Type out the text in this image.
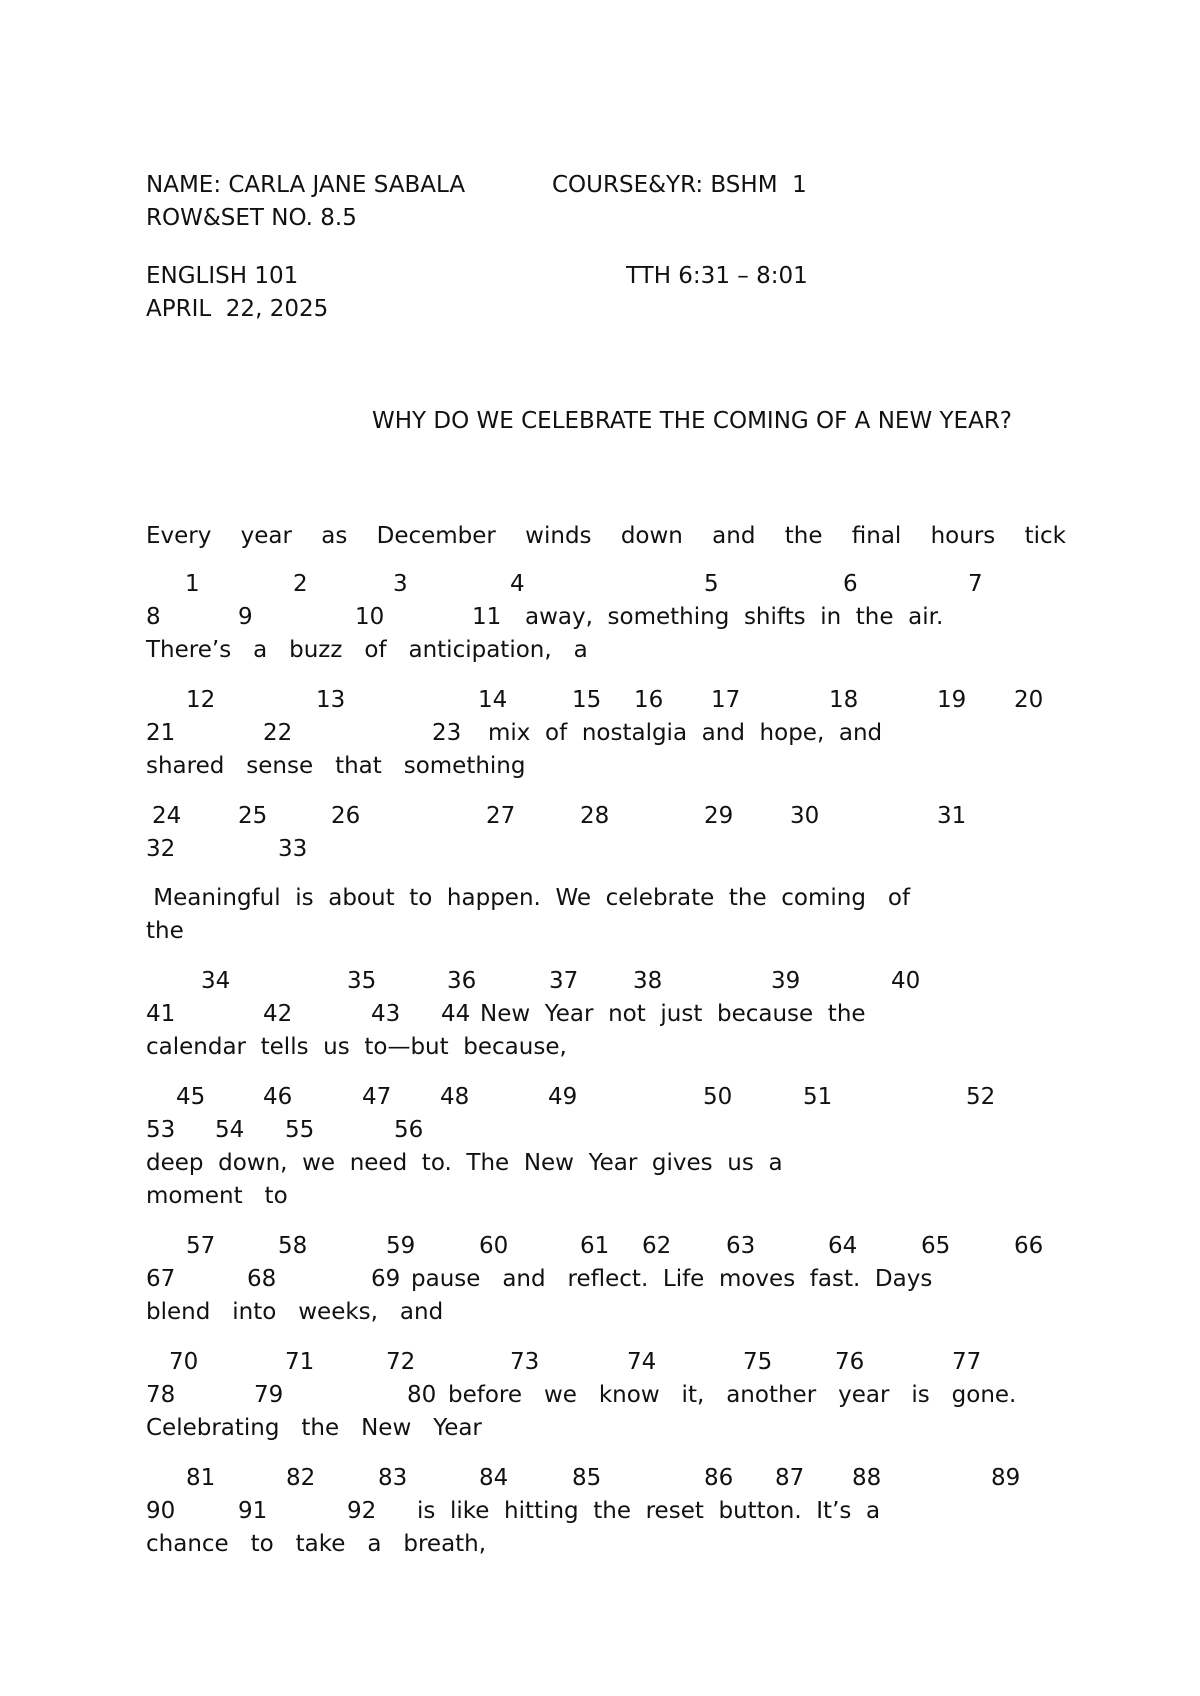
NAME: CARLA JANE SABALA	COURSE&YR: BSHM  1
ROW&SET NO. 8.5
ENGLISH 101	TTH 6:31 – 8:01
APRIL  22, 2025
WHY DO WE CELEBRATE THE COMING OF A NEW YEAR?
Every year as December winds down and the final hours tick
1	2	3	4	5	6	7
8	9	10	11 away,  something  shifts  in  the  air.
There’s   a   buzz   of   anticipation,   a
12	13	14	15 16 17	18	19 20
21	22	23 mix  of  nostalgia  and  hope,  and
shared   sense   that   something
24 25	26	27	28	29 30	31
32	33
Meaningful  is  about  to  happen.  We  celebrate  the  coming   of
the
34	35	36	37 38	39	40
41	42	43 44 New  Year  not  just  because  the
calendar  tells  us  to—but  because,
45	46	47 48	49	50	51	52
53 54 55	56
deep  down,  we  need  to.  The  New  Year  gives  us  a
moment   to
57	58	59	60	61 62 63	64	65	66
67	68	69 pause   and   reflect.  Life  moves  fast.  Days
blend   into   weeks,   and
70	71	72	73	74	75	76	77
78	79	80 before   we   know   it,   another   year   is   gone.
Celebrating   the   New   Year
81	82	83	84	85	86 87 88	89
90	91	92 is  like  hitting  the  reset  button.  It’s  a
chance   to   take   a   breath,
